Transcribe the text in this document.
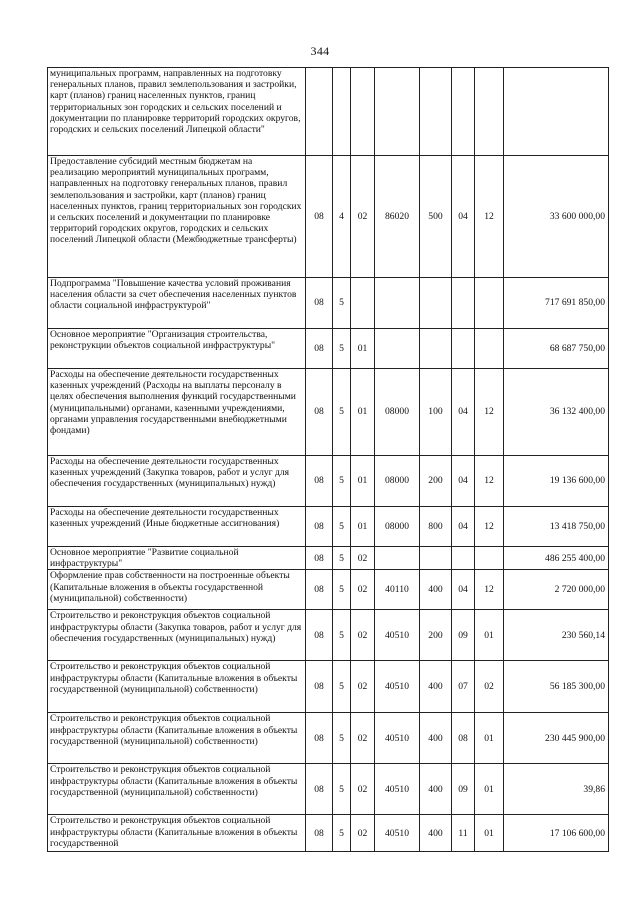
344
муниципальных программ, направленных на подготовку генеральных планов, правил землепользования и застройки, карт (планов) границ населенных пунктов, границ территориальных зон городских и сельских поселений и документации по планировке территорий городских округов, городских и сельских поселений Липецкой области"								
Предоставление субсидий местным бюджетам на реализацию мероприятий муниципальных программ, направленных на подготовку генеральных планов, правил землепользования и застройки, карт (планов) границ населенных пунктов, границ территориальных зон городских и сельских поселений и документации по планировке территорий городских округов, городских и сельских поселений Липецкой области (Межбюджетные трансферты)	08	4	02	86020	500	04	12	33 600 000,00
Подпрограмма "Повышение качества условий проживания населения области за счет обеспечения населенных пунктов области социальной инфраструктурой"	08	5						717 691 850,00
Основное мероприятие "Организация строительства, реконструкции объектов социальной инфраструктуры"	08	5	01					68 687 750,00
Расходы на обеспечение деятельности государственных казенных учреждений (Расходы на выплаты персоналу в целях обеспечения выполнения функций государственными (муниципальными) органами, казенными учреждениями, органами управления государственными внебюджетными фондами)	08	5	01	08000	100	04	12	36 132 400,00
Расходы на обеспечение деятельности государственных казенных учреждений (Закупка товаров, работ и услуг для обеспечения государственных (муниципальных) нужд)	08	5	01	08000	200	04	12	19 136 600,00
Расходы на обеспечение деятельности государственных казенных учреждений (Иные бюджетные ассигнования)	08	5	01	08000	800	04	12	13 418 750,00
Основное мероприятие "Развитие социальной инфраструктуры"	08	5	02					486 255 400,00
Оформление прав собственности на построенные объекты (Капитальные вложения в объекты государственной (муниципальной) собственности)	08	5	02	40110	400	04	12	2 720 000,00
Строительство и реконструкция объектов социальной инфраструктуры области (Закупка товаров, работ и услуг для обеспечения государственных (муниципальных) нужд)	08	5	02	40510	200	09	01	230 560,14
Строительство и реконструкция объектов социальной инфраструктуры области (Капитальные вложения в объекты государственной (муниципальной) собственности)	08	5	02	40510	400	07	02	56 185 300,00
Строительство и реконструкция объектов социальной инфраструктуры области (Капитальные вложения в объекты государственной (муниципальной) собственности)	08	5	02	40510	400	08	01	230 445 900,00
Строительство и реконструкция объектов социальной инфраструктуры области (Капитальные вложения в объекты государственной (муниципальной) собственности)	08	5	02	40510	400	09	01	39,86
Строительство и реконструкция объектов социальной инфраструктуры области (Капитальные вложения в объекты государственной	08	5	02	40510	400	11	01	17 106 600,00
